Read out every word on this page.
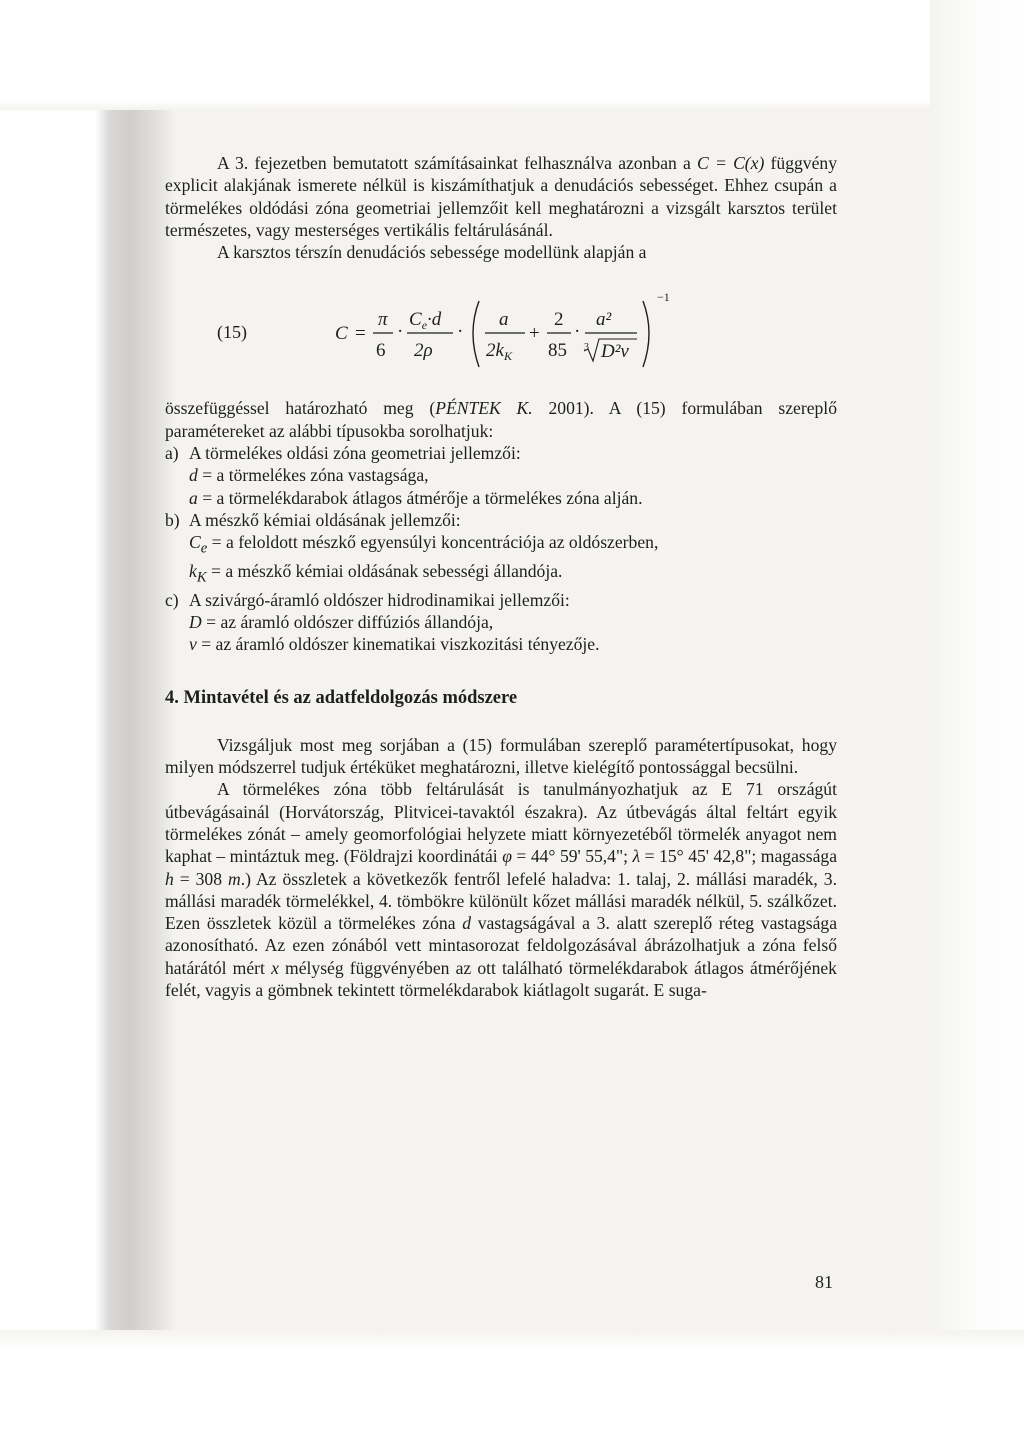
A 3. fejezetben bemutatott számításainkat felhasználva azonban a C = C(x) függvény explicit alakjának ismerete nélkül is kiszámíthatjuk a denudációs sebességet. Ehhez csupán a törmelékes oldódási zóna geometriai jellemzőit kell meghatározni a vizsgált karsztos terület természetes, vagy mesterséges vertikális feltárulásánál.

A karsztos térszín denudációs sebessége modellünk alapján a

(15)	C =
π
6
·
$C_e\cdot d$
2ρ
·
a
$2k_K$
+
2
85
·
a²
3 D²v
−1

összefüggéssel határozható meg (PÉNTEK K. 2001). A (15) formulában szereplő paramétereket az alábbi típusokba sorolhatjuk:

a) A törmelékes oldási zóna geometriai jellemzői:
d = a törmelékes zóna vastagsága,
a = a törmelékdarabok átlagos átmérője a törmelékes zóna alján.
b) A mészkő kémiai oldásának jellemzői:
$C_e = a$ feloldott mészkő egyensúlyi koncentrációja az oldószerben,
$k_K = a$ mészkő kémiai oldásának sebességi állandója.
c) A szivárgó-áramló oldószer hidrodinamikai jellemzői:
D = az áramló oldószer diffúziós állandója,
v = az áramló oldószer kinematikai viszkozitási tényezője.
4. Mintavétel és az adatfeldolgozás módszere

Vizsgáljuk most meg sorjában a (15) formulában szereplő paramétertípusokat, hogy milyen módszerrel tudjuk értéküket meghatározni, illetve kielégítő pontossággal becsülni.

A törmelékes zóna több feltárulását is tanulmányozhatjuk az E 71 országút útbevágásainál (Horvátország, Plitvicei-tavaktól északra). Az útbevágás által feltárt egyik törmelékes zónát – amely geomorfológiai helyzete miatt környezetéből törmelék anyagot nem kaphat – mintáztuk meg. (Földrajzi koordinátái φ = 44° 59' 55,4"; λ = 15° 45' 42,8"; magassága h = 308 m.) Az összletek a következők fentről lefelé haladva: 1. talaj, 2. mállási maradék, 3. mállási maradék törmelékkel, 4. tömbökre különült kőzet mállási maradék nélkül, 5. szálkőzet. Ezen összletek közül a törmelékes zóna d vastagságával a 3. alatt szereplő réteg vastagsága azonosítható. Az ezen zónából vett mintasorozat feldolgozásával ábrázolhatjuk a zóna felső határától mért x mélység függvényében az ott található törmelékdarabok átlagos átmérőjének felét, vagyis a gömbnek tekintett törmelékdarabok kiátlagolt sugarát. E suga-

81
